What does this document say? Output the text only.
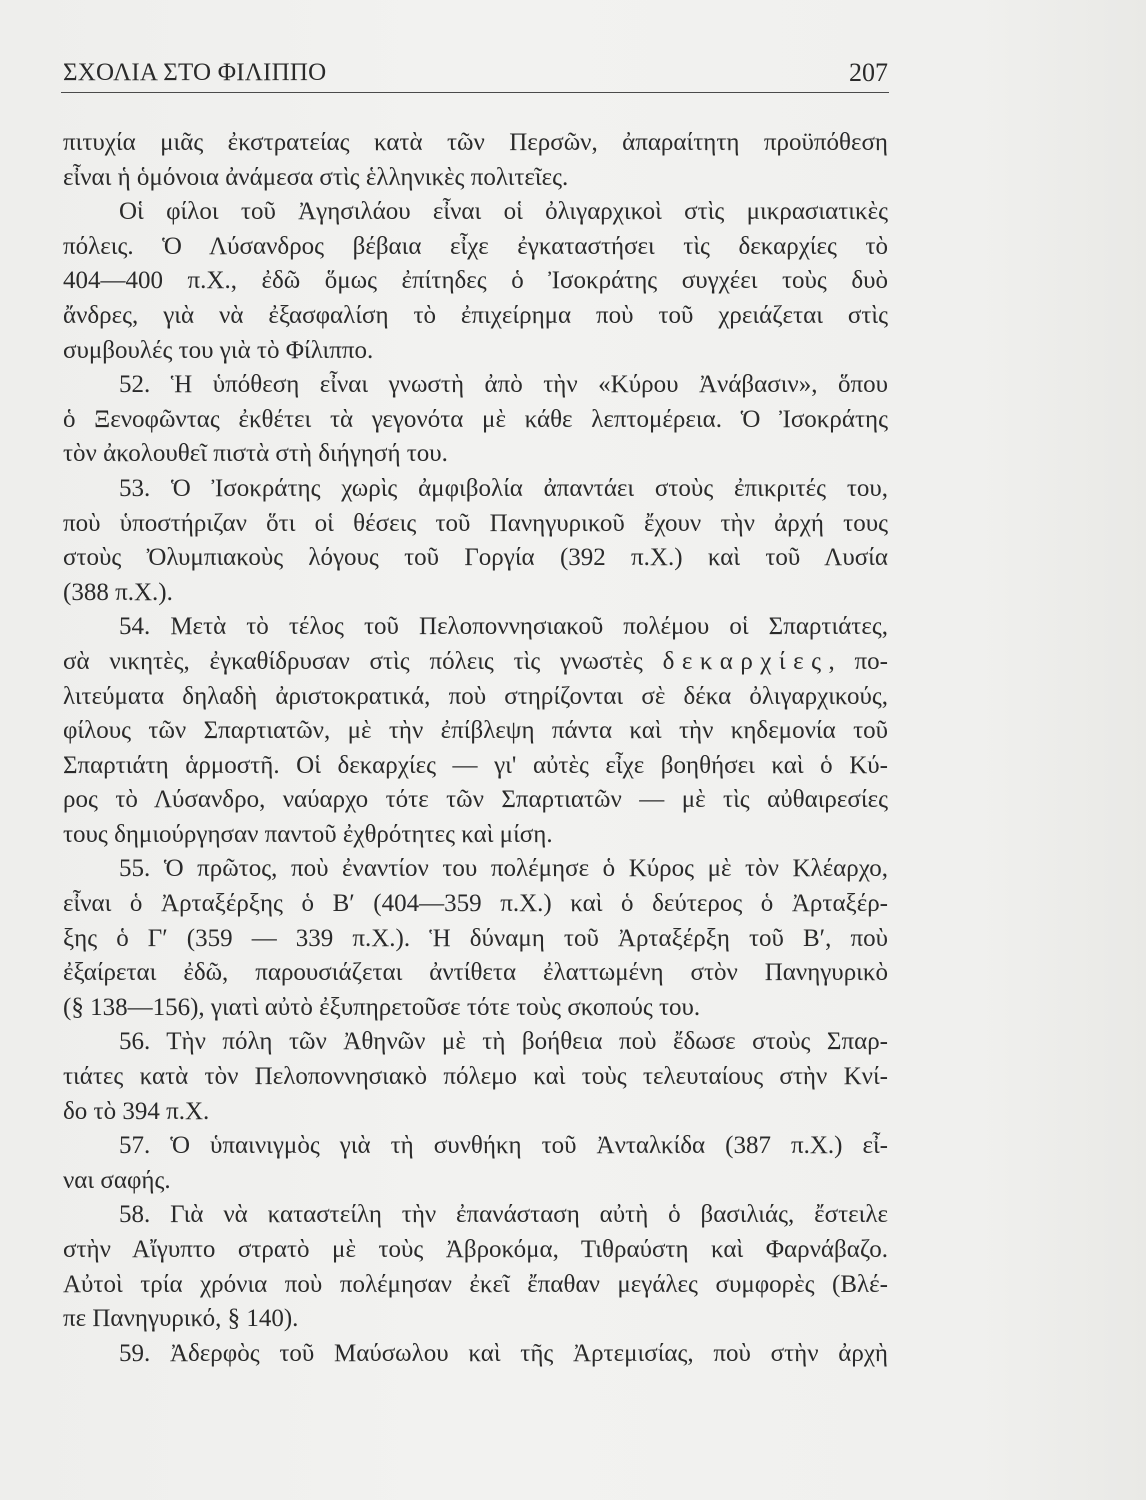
ΣΧΟΛΙΑ ΣΤΟ ΦΙΛΙΠΠΟ	207
πιτυχία μιᾶς ἐκστρατείας κατὰ τῶν Περσῶν, ἀπαραίτητη προϋπόθεση
εἶναι ἡ ὁμόνοια ἀνάμεσα στὶς ἑλληνικὲς πολιτεῖες.
Οἱ φίλοι τοῦ Ἀγησιλάου εἶναι οἱ ὀλιγαρχικοὶ στὶς μικρασιατικὲς
πόλεις. Ὁ Λύσανδρος βέβαια εἶχε ἐγκαταστήσει τὶς δεκαρχίες τὸ
404—400 π.Χ., ἐδῶ ὅμως ἐπίτηδες ὁ Ἰσοκράτης συγχέει τοὺς δυὸ
ἄνδρες, γιὰ νὰ ἐξασφαλίση τὸ ἐπιχείρημα ποὺ τοῦ χρειάζεται στὶς
συμβουλές του γιὰ τὸ Φίλιππο.
52. Ἡ ὑπόθεση εἶναι γνωστὴ ἀπὸ τὴν «Κύρου Ἀνάβασιν», ὅπου
ὁ Ξενοφῶντας ἐκθέτει τὰ γεγονότα μὲ κάθε λεπτομέρεια. Ὁ Ἰσοκράτης
τὸν ἀκολουθεῖ πιστὰ στὴ διήγησή του.
53. Ὁ Ἰσοκράτης χωρὶς ἀμφιβολία ἀπαντάει στοὺς ἐπικριτές του,
ποὺ ὑποστήριζαν ὅτι οἱ θέσεις τοῦ Πανηγυρικοῦ ἔχουν τὴν ἀρχή τους
στοὺς Ὀλυμπιακοὺς λόγους τοῦ Γοργία (392 π.Χ.) καὶ τοῦ Λυσία
(388 π.Χ.).
54. Μετὰ τὸ τέλος τοῦ Πελοποννησιακοῦ πολέμου οἱ Σπαρτιάτες,
σὰ νικητὲς, ἐγκαθίδρυσαν στὶς πόλεις τὶς γνωστὲς δεκαρχίες, πο-
λιτεύματα δηλαδὴ ἀριστοκρατικά, ποὺ στηρίζονται σὲ δέκα ὀλιγαρχικούς,
φίλους τῶν Σπαρτιατῶν, μὲ τὴν ἐπίβλεψη πάντα καὶ τὴν κηδεμονία τοῦ
Σπαρτιάτη ἁρμοστῆ. Οἱ δεκαρχίες — γι' αὐτὲς εἶχε βοηθήσει καὶ ὁ Κύ-
ρος τὸ Λύσανδρο, ναύαρχο τότε τῶν Σπαρτιατῶν — μὲ τὶς αὐθαιρεσίες
τους δημιούργησαν παντοῦ ἐχθρότητες καὶ μίση.
55. Ὁ πρῶτος, ποὺ ἐναντίον του πολέμησε ὁ Κύρος μὲ τὸν Κλέαρχο,
εἶναι ὁ Ἀρταξέρξης ὁ Β′ (404—359 π.Χ.) καὶ ὁ δεύτερος ὁ Ἀρταξέρ-
ξης ὁ Γ′ (359 — 339 π.Χ.). Ἡ δύναμη τοῦ Ἀρταξέρξη τοῦ Β′, ποὺ
ἐξαίρεται ἐδῶ, παρουσιάζεται ἀντίθετα ἐλαττωμένη στὸν Πανηγυρικὸ
(§ 138—156), γιατὶ αὐτὸ ἐξυπηρετοῦσε τότε τοὺς σκοπούς του.
56. Τὴν πόλη τῶν Ἀθηνῶν μὲ τὴ βοήθεια ποὺ ἔδωσε στοὺς Σπαρ-
τιάτες κατὰ τὸν Πελοποννησιακὸ πόλεμο καὶ τοὺς τελευταίους στὴν Κνί-
δο τὸ 394 π.Χ.
57. Ὁ ὑπαινιγμὸς γιὰ τὴ συνθήκη τοῦ Ἀνταλκίδα (387 π.Χ.) εἶ-
ναι σαφής.
58. Γιὰ νὰ καταστείλη τὴν ἐπανάσταση αὐτὴ ὁ βασιλιάς, ἔστειλε
στὴν Αἴγυπτο στρατὸ μὲ τοὺς Ἀβροκόμα, Τιθραύστη καὶ Φαρνάβαζο.
Αὐτοὶ τρία χρόνια ποὺ πολέμησαν ἐκεῖ ἔπαθαν μεγάλες συμφορὲς (Βλέ-
πε Πανηγυρικό, § 140).
59. Ἀδερφὸς τοῦ Μαύσωλου καὶ τῆς Ἀρτεμισίας, ποὺ στὴν ἀρχὴ
